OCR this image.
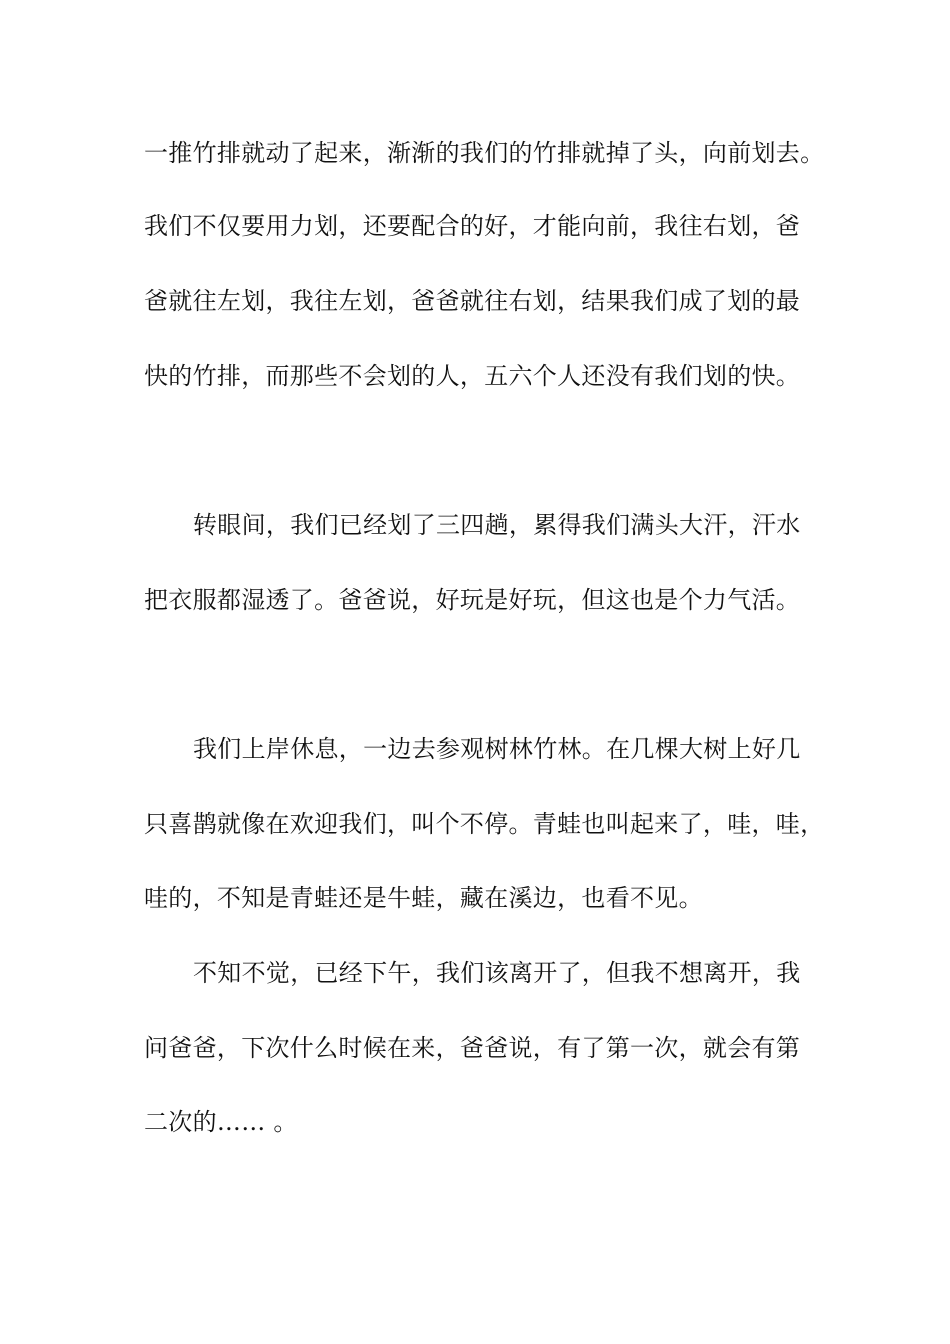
一推竹排就动了起来，渐渐的我们的竹排就掉了头，向前划去。
我们不仅要用力划，还要配合的好，才能向前，我往右划，爸
爸就往左划，我往左划，爸爸就往右划，结果我们成了划的最
快的竹排，而那些不会划的人，五六个人还没有我们划的快。
转眼间，我们已经划了三四趟，累得我们满头大汗，汗水
把衣服都湿透了。爸爸说，好玩是好玩，但这也是个力气活。
我们上岸休息，一边去参观树林竹林。在几棵大树上好几
只喜鹊就像在欢迎我们，叫个不停。青蛙也叫起来了，哇，哇，
哇的，不知是青蛙还是牛蛙，藏在溪边，也看不见。
不知不觉，已经下午，我们该离开了，但我不想离开，我
问爸爸，下次什么时候在来，爸爸说，有了第一次，就会有第
二次的…… 。
